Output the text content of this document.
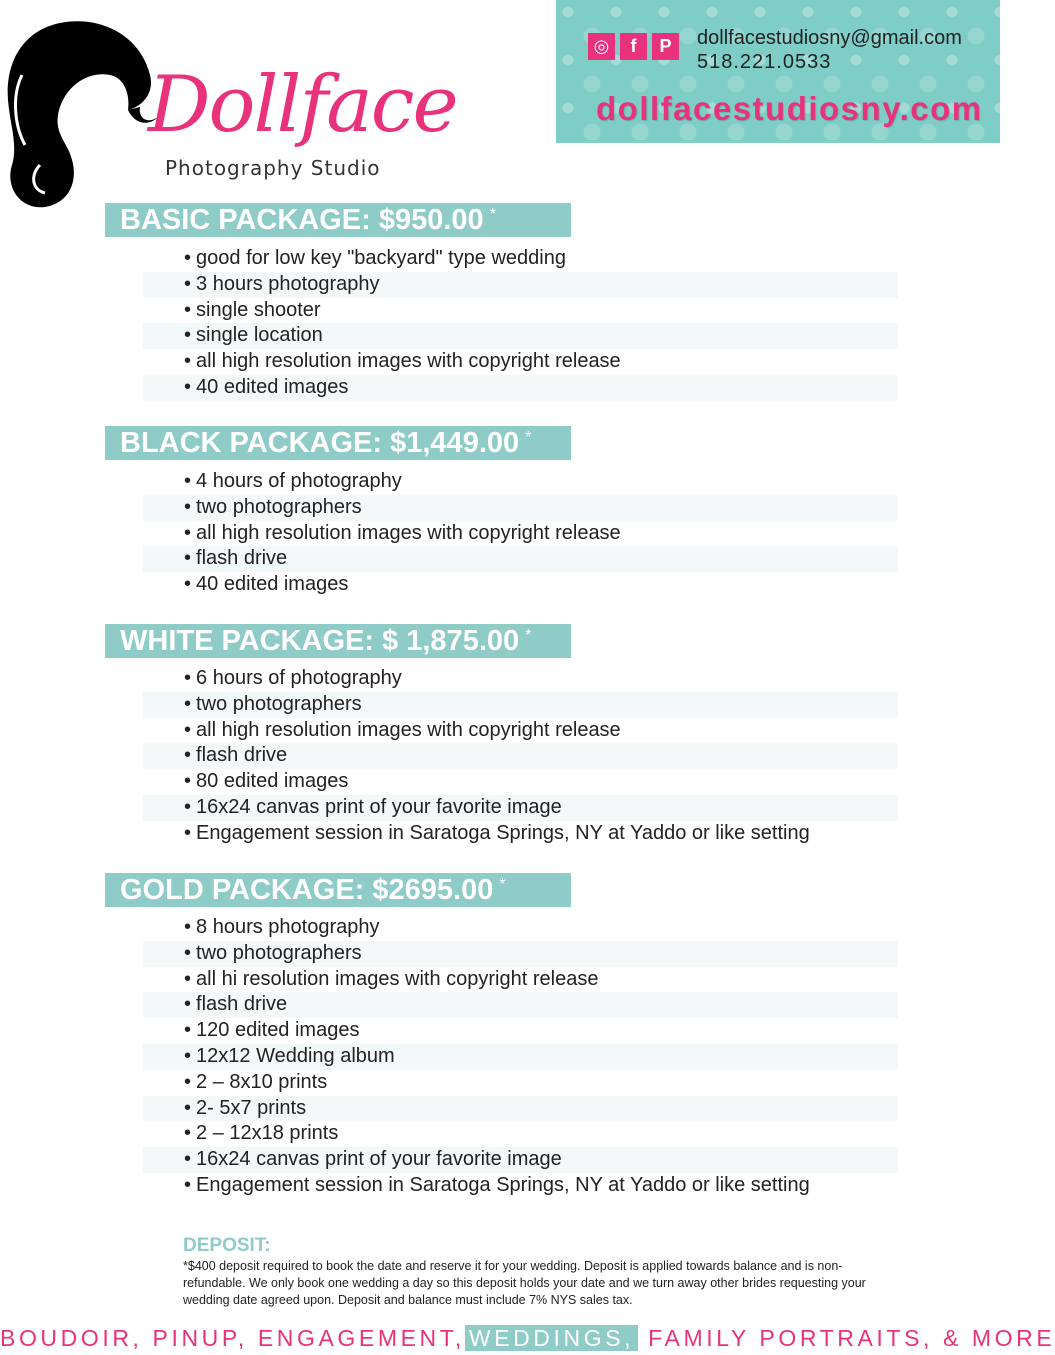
Dollface
Photography Studio
◎	f	P	dollfacestudiosny@gmail.com
518.221.0533
dollfacestudiosny.com
BASIC PACKAGE: $950.00 *
• good for low key "backyard" type wedding
• 3 hours photography
• single shooter
• single location
• all high resolution images with copyright release
• 40 edited images
BLACK PACKAGE: $1,449.00 *
• 4 hours of photography
• two photographers
• all high resolution images with copyright release
• flash drive
• 40 edited images
WHITE PACKAGE: $ 1,875.00 *
• 6 hours of photography
• two photographers
• all high resolution images with copyright release
• flash drive
• 80 edited images
• 16x24 canvas print of your favorite image
• Engagement session in Saratoga Springs, NY at Yaddo or like setting
GOLD PACKAGE: $2695.00 *
• 8 hours photography
• two photographers
• all hi resolution images with copyright release
• flash drive
• 120 edited images
• 12x12 Wedding album
• 2 – 8x10 prints
• 2- 5x7 prints
• 2 – 12x18 prints
• 16x24 canvas print of your favorite image
• Engagement session in Saratoga Springs, NY at Yaddo or like setting
DEPOSIT:
*$400 deposit required to book the date and reserve it for your wedding. Deposit is applied towards balance and is non-refundable. We only book one wedding a day so this deposit holds your date and we turn away other brides requesting your wedding date agreed upon. Deposit and balance must include 7% NYS sales tax.
BOUDOIR, PINUP, ENGAGEMENT, WEDDINGS, FAMILY PORTRAITS, & MORE
